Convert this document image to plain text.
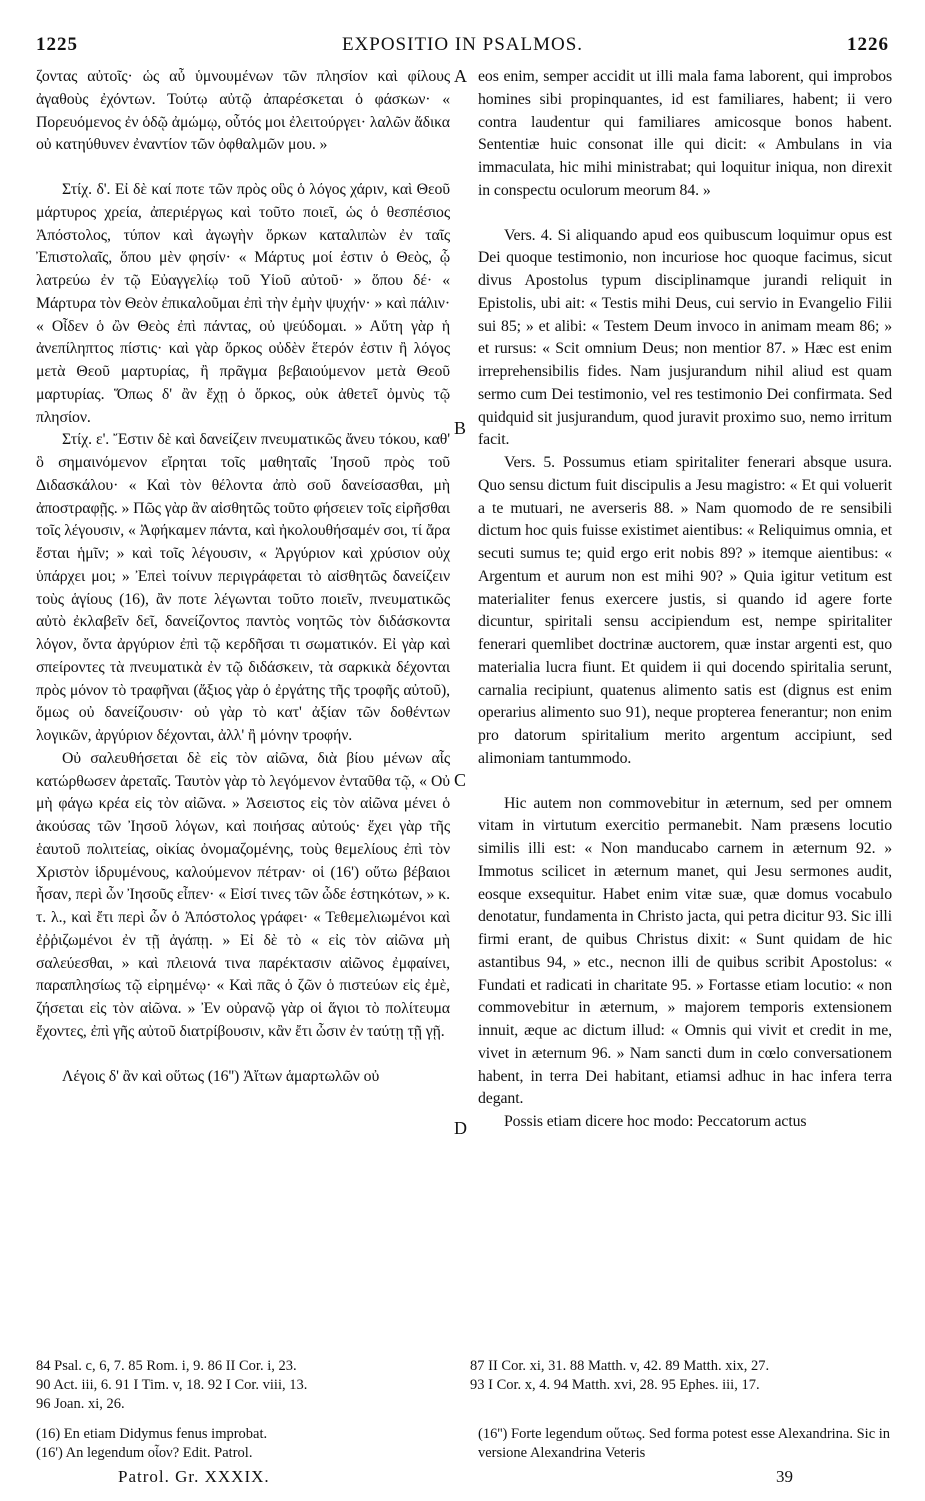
1225	EXPOSITIO IN PSALMOS.	1226

ζοντας αὐτοῖς· ὡς αὖ ὑμνουμένων τῶν πλησίον καὶ φίλους ἀγαθοὺς ἐχόντων. Τούτῳ αὐτῷ ἀπαρέσκεται ὁ φάσκων· « Πορευόμενος ἐν ὁδῷ ἀμώμῳ, οὗτός μοι ἐλειτούργει· λαλῶν ἄδικα οὐ κατηύθυνεν ἐναντίον τῶν ὀφθαλμῶν μου. »

Στίχ. δ'. Εἰ δὲ καί ποτε τῶν πρὸς οὓς ὁ λόγος χάριν, καὶ Θεοῦ μάρτυρος χρεία, ἀπεριέργως καὶ τοῦτο ποιεῖ, ὡς ὁ θεσπέσιος Ἀπόστολος, τύπον καὶ ἀγωγὴν ὅρκων καταλιπὼν ἐν ταῖς Ἐπιστολαῖς, ὅπου μὲν φησίν· « Μάρτυς μοί ἐστιν ὁ Θεὸς, ᾧ λατρεύω ἐν τῷ Εὐαγγελίῳ τοῦ Υἱοῦ αὐτοῦ· » ὅπου δέ· « Μάρτυρα τὸν Θεὸν ἐπικαλοῦμαι ἐπὶ τὴν ἐμὴν ψυχήν· » καὶ πάλιν· « Οἶδεν ὁ ὢν Θεὸς ἐπὶ πάντας, οὐ ψεύδομαι. » Αὕτη γὰρ ἡ ἀνεπίληπτος πίστις· καὶ γὰρ ὅρκος οὐδὲν ἕτερόν ἐστιν ἢ λόγος μετὰ Θεοῦ μαρτυρίας, ἢ πρᾶγμα βεβαιούμενον μετὰ Θεοῦ μαρτυρίας. Ὅπως δ' ἂν ἔχῃ ὁ ὅρκος, οὐκ ἀθετεῖ ὀμνὺς τῷ πλησίον.

Στίχ. ε'. Ἔστιν δὲ καὶ δανείζειν πνευματικῶς ἄνευ τόκου, καθ' ὃ σημαινόμενον εἴρηται τοῖς μαθηταῖς Ἰησοῦ πρὸς τοῦ Διδασκάλου· « Καὶ τὸν θέλοντα ἀπὸ σοῦ δανείσασθαι, μὴ ἀποστραφῇς. » Πῶς γὰρ ἂν αἰσθητῶς τοῦτο φήσειεν τοῖς εἰρῆσθαι τοῖς λέγουσιν, « Ἀφήκαμεν πάντα, καὶ ἠκολουθήσαμέν σοι, τί ἄρα ἔσται ἡμῖν; » καὶ τοῖς λέγουσιν, « Ἀργύριον καὶ χρύσιον οὐχ ὑπάρχει μοι; » Ἐπεὶ τοίνυν περιγράφεται τὸ αἰσθητῶς δανείζειν τοὺς ἁγίους (16), ἂν ποτε λέγωνται τοῦτο ποιεῖν, πνευματικῶς αὐτὸ ἐκλαβεῖν δεῖ, δανείζοντος παντὸς νοητῶς τὸν διδάσκοντα λόγον, ὄντα ἀργύριον ἐπὶ τῷ κερδῆσαι τι σωματικόν. Εἰ γὰρ καὶ σπείροντες τὰ πνευματικὰ ἐν τῷ διδάσκειν, τὰ σαρκικὰ δέχονται πρὸς μόνον τὸ τραφῆναι (ἄξιος γὰρ ὁ ἐργάτης τῆς τροφῆς αὐτοῦ), ὅμως οὐ δανείζουσιν· οὐ γὰρ τὸ κατ' ἀξίαν τῶν δοθέντων λογικῶν, ἀργύριον δέχονται, ἀλλ' ἢ μόνην τροφήν.

Οὐ σαλευθήσεται δὲ εἰς τὸν αἰῶνα, διὰ βίου μένων αἷς κατώρθωσεν ἀρεταῖς. Ταυτὸν γὰρ τὸ λεγόμενον ἐνταῦθα τῷ, « Οὐ μὴ φάγω κρέα εἰς τὸν αἰῶνα. » Ἀσειστος εἰς τὸν αἰῶνα μένει ὁ ἀκούσας τῶν Ἰησοῦ λόγων, καὶ ποιήσας αὐτούς· ἔχει γὰρ τῆς ἑαυτοῦ πολιτείας, οἰκίας ὀνομαζομένης, τοὺς θεμελίους ἐπὶ τὸν Χριστὸν ἱδρυμένους, καλούμενον πέτραν· οἱ (16') οὕτω βέβαιοι ἦσαν, περὶ ὧν Ἰησοῦς εἶπεν· « Εἰσί τινες τῶν ὧδε ἑστηκότων, » κ. τ. λ., καὶ ἔτι περὶ ὧν ὁ Ἀπόστολος γράφει· « Τεθεμελιωμένοι καὶ ἐῤῥιζωμένοι ἐν τῇ ἀγάπῃ. » Εἰ δὲ τὸ « εἰς τὸν αἰῶνα μὴ σαλεύεσθαι, » καὶ πλειονά τινα παρέκτασιν αἰῶνος ἐμφαίνει, παραπλησίως τῷ εἰρημένῳ· « Καὶ πᾶς ὁ ζῶν ὁ πιστεύων εἰς ἐμὲ, ζήσεται εἰς τὸν αἰῶνα. » Ἐν οὐρανῷ γὰρ οἱ ἅγιοι τὸ πολίτευμα ἔχοντες, ἐπὶ γῆς αὐτοῦ διατρίβουσιν, κἂν ἔτι ὦσιν ἐν ταύτῃ τῇ γῇ.

Λέγοις δ' ἂν καὶ οὕτως (16'') Ἀἴτων ἁμαρτωλῶν οὐ

A
B
C
D

eos enim, semper accidit ut illi mala fama laborent, qui improbos homines sibi propinquantes, id est familiares, habent; ii vero contra laudentur qui familiares amicosque bonos habent. Sententiæ huic consonat ille qui dicit: « Ambulans in via immaculata, hic mihi ministrabat; qui loquitur iniqua, non direxit in conspectu oculorum meorum 84. »

Vers. 4. Si aliquando apud eos quibuscum loquimur opus est Dei quoque testimonio, non incuriose hoc quoque facimus, sicut divus Apostolus typum disciplinamque jurandi reliquit in Epistolis, ubi ait: « Testis mihi Deus, cui servio in Evangelio Filii sui 85; » et alibi: « Testem Deum invoco in animam meam 86; » et rursus: « Scit omnium Deus; non mentior 87. » Hæc est enim irreprehensibilis fides. Nam jusjurandum nihil aliud est quam sermo cum Dei testimonio, vel res testimonio Dei confirmata. Sed quidquid sit jusjurandum, quod juravit proximo suo, nemo irritum facit.

Vers. 5. Possumus etiam spiritaliter fenerari absque usura. Quo sensu dictum fuit discipulis a Jesu magistro: « Et qui voluerit a te mutuari, ne averseris 88. » Nam quomodo de re sensibili dictum hoc quis fuisse existimet aientibus: « Reliquimus omnia, et secuti sumus te; quid ergo erit nobis 89? » itemque aientibus: « Argentum et aurum non est mihi 90? » Quia igitur vetitum est materialiter fenus exercere justis, si quando id agere forte dicuntur, spiritali sensu accipiendum est, nempe spiritaliter fenerari quemlibet doctrinæ auctorem, quæ instar argenti est, quo materialia lucra fiunt. Et quidem ii qui docendo spiritalia serunt, carnalia recipiunt, quatenus alimento satis est (dignus est enim operarius alimento suo 91), neque propterea fenerantur; non enim pro datorum spiritalium merito argentum accipiunt, sed alimoniam tantummodo.

Hic autem non commovebitur in æternum, sed per omnem vitam in virtutum exercitio permanebit. Nam præsens locutio similis illi est: « Non manducabo carnem in æternum 92. » Immotus scilicet in æternum manet, qui Jesu sermones audit, eosque exsequitur. Habet enim vitæ suæ, quæ domus vocabulo denotatur, fundamenta in Christo jacta, qui petra dicitur 93. Sic illi firmi erant, de quibus Christus dixit: « Sunt quidam de hic astantibus 94, » etc., necnon illi de quibus scribit Apostolus: « Fundati et radicati in charitate 95. » Fortasse etiam locutio: « non commovebitur in æternum, » majorem temporis extensionem innuit, æque ac dictum illud: « Omnis qui vivit et credit in me, vivet in æternum 96. » Nam sancti dum in cœlo conversationem habent, in terra Dei habitant, etiamsi adhuc in hac infera terra degant.

Possis etiam dicere hoc modo: Peccatorum actus

84 Psal. c, 6, 7. 85 Rom. i, 9. 86 II Cor. i, 23.
90 Act. iii, 6. 91 I Tim. v, 18. 92 I Cor. viii, 13.
96 Joan. xi, 26.
87 II Cor. xi, 31. 88 Matth. v, 42. 89 Matth. xix, 27.
93 I Cor. x, 4. 94 Matth. xvi, 28. 95 Ephes. iii, 17.
(16) En etiam Didymus fenus improbat.
(16') An legendum οἷον? Edit. Patrol.
(16'') Forte legendum οὕτως. Sed forma potest esse Alexandrina. Sic in versione Alexandrina Veteris
Patrol. Gr. XXXIX.	39
